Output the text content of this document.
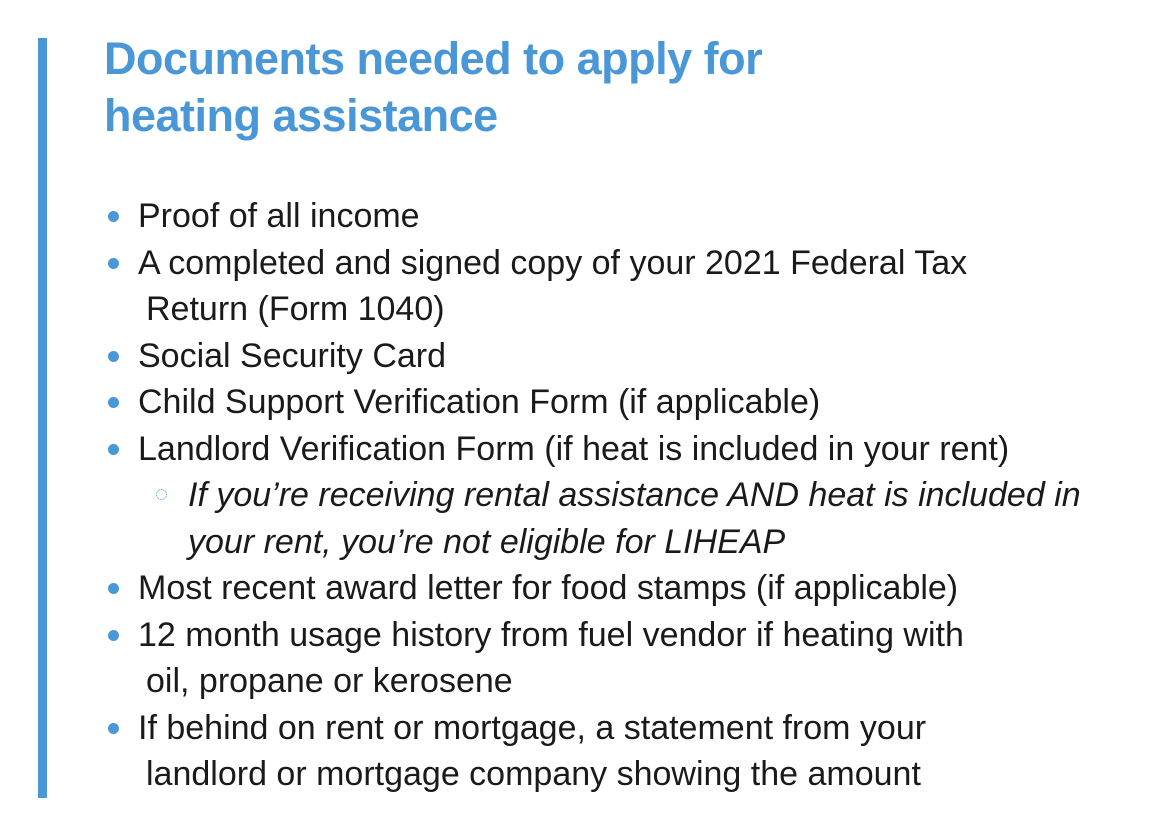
Documents needed to apply for
heating assistance
Proof of all income
A completed and signed copy of your 2021 Federal Tax
Return (Form 1040)
Social Security Card
Child Support Verification Form (if applicable)
Landlord Verification Form (if heat is included in your rent)
If you’re receiving rental assistance AND heat is included in
your rent, you’re not eligible for LIHEAP
Most recent award letter for food stamps (if applicable)
12 month usage history from fuel vendor if heating with
oil, propane or kerosene
If behind on rent or mortgage, a statement from your
landlord or mortgage company showing the amount
